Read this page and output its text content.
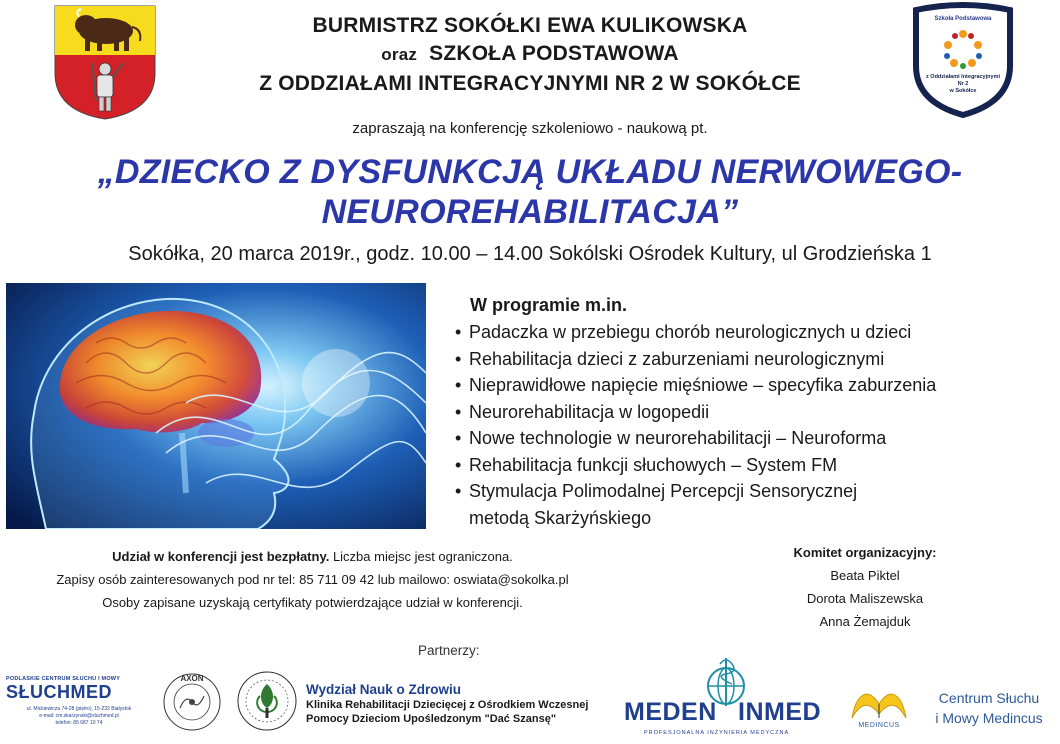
BURMISTRZ SOKÓŁKI EWA KULIKOWSKA
oraz SZKOŁA PODSTAWOWA
Z ODDZIAŁAMI INTEGRACYJNYMI NR 2 W SOKÓŁCE
Szkoła Podstawowa
z Oddziałami Integracyjnymi
Nr 2
w Sokółce
zapraszają na konferencję szkoleniowo - naukową pt.
„DZIECKO Z DYSFUNKCJĄ UKŁADU NERWOWEGO-
NEUROREHABILITACJA”
Sokółka, 20 marca 2019r., godz. 10.00 – 14.00 Sokólski Ośrodek Kultury, ul Grodzieńska 1
W programie m.in.
• Padaczka w przebiegu chorób neurologicznych u dzieci
• Rehabilitacja dzieci z zaburzeniami neurologicznymi
• Nieprawidłowe napięcie mięśniowe – specyfika zaburzenia
• Neurorehabilitacja w logopedii
• Nowe technologie w neurorehabilitacji – Neuroforma
• Rehabilitacja funkcji słuchowych – System FM
• Stymulacja Polimodalnej Percepcji Sensorycznej
metodą Skarżyńskiego
Udział w konferencji jest bezpłatny. Liczba miejsc jest ograniczona.
Zapisy osób zainteresowanych pod nr tel: 85 711 09 42 lub mailowo: oswiata@sokolka.pl
Osoby zapisane uzyskają certyfikaty potwierdzające udział w konferencji.
Komitet organizacyjny:
Beata Piktel
Dorota Maliszewska
Anna Żemajduk
Partnerzy:
PODLASKIE CENTRUM SŁUCHU I MOWY
SŁUCHMED
ul. Mickiewicza 74-28 (piętro), 15-232 Białystok
e-mail: cm.skarzynski@sluchmed.pl
telefon: 85 687 10 74
AXON
Wydział Nauk o Zdrowiu
Klinika Rehabilitacji Dziecięcej z Ośrodkiem Wczesnej
Pomocy Dzieciom Upośledzonym "Dać Szansę"	MEDEN INMED
PROFESJONALNA INŻYNIERIA MEDYCZNA
MEDINCUS
Centrum Słuchu
i Mowy Medincus
